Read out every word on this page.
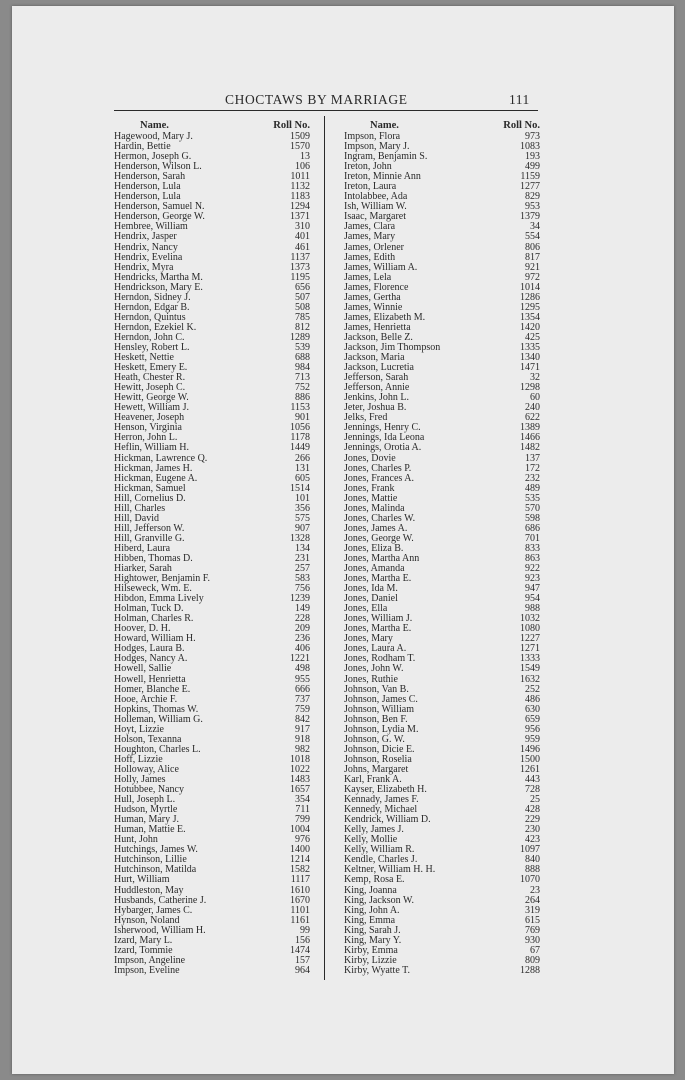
CHOCTAWS BY MARRIAGE	111
Name.	Roll No.
Hagewood, Mary J.	1509
Hardin, Bettie	1570
Hermon, Joseph G.	13
Henderson, Wilson L.	106
Henderson, Sarah	1011
Henderson, Lula	1132
Henderson, Lula	1183
Henderson, Samuel N.	1294
Henderson, George W.	1371
Hembree, William	310
Hendrix, Jasper	401
Hendrix, Nancy	461
Hendrix, Evelina	1137
Hendrix, Myra	1373
Hendricks, Martha M.	1195
Hendrickson, Mary E.	656
Herndon, Sidney J.	507
Herndon, Edgar B.	508
Herndon, Quintus	785
Herndon, Ezekiel K.	812
Herndon, John C.	1289
Hensley, Robert L.	539
Heskett, Nettie	688
Heskett, Emery E.	984
Heath, Chester R.	713
Hewitt, Joseph C.	752
Hewitt, George W.	886
Hewett, William J.	1153
Heavener, Joseph	901
Henson, Virginia	1056
Herron, John L.	1178
Heflin, William H.	1449
Hickman, Lawrence Q.	266
Hickman, James H.	131
Hickman, Eugene A.	605
Hickman, Samuel	1514
Hill, Cornelius D.	101
Hill, Charles	356
Hill, David	575
Hill, Jefferson W.	907
Hill, Granville G.	1328
Hiberd, Laura	134
Hibben, Thomas D.	231
Hiarker, Sarah	257
Hightower, Benjamin F.	583
Hilseweck, Wm. E.	756
Hibdon, Emma Lively	1239
Holman, Tuck D.	149
Holman, Charles R.	228
Hoover, D. H.	209
Howard, William H.	236
Hodges, Laura B.	406
Hodges, Nancy A.	1221
Howell, Sallie	498
Howell, Henrietta	955
Homer, Blanche E.	666
Hooe, Archie F.	737
Hopkins, Thomas W.	759
Holleman, William G.	842
Hoyt, Lizzie	917
Holson, Texanna	918
Houghton, Charles L.	982
Hoff, Lizzie	1018
Holloway, Alice	1022
Holly, James	1483
Hotubbee, Nancy	1657
Hull, Joseph L.	354
Hudson, Myrtle	711
Human, Mary J.	799
Human, Mattie E.	1004
Hunt, John	976
Hutchings, James W.	1400
Hutchinson, Lillie	1214
Hutchinson, Matilda	1582
Hurt, William	1117
Huddleston, May	1610
Husbands, Catherine J.	1670
Hybarger, James C.	1101
Hynson, Noland	1161
Isherwood, William H.	99
Izard, Mary L.	156
Izard, Tommie	1474
Impson, Angeline	157
Impson, Eveline	964
Name.	Roll No.
Impson, Flora	973
Impson, Mary J.	1083
Ingram, Benjamin S.	193
Ireton, John	499
Ireton, Minnie Ann	1159
Ireton, Laura	1277
Intolabbee, Ada	829
Ish, William W.	953
Isaac, Margaret	1379
James, Clara	34
James, Mary	554
James, Orlener	806
James, Edith	817
James, William A.	921
James, Lela	972
James, Florence	1014
James, Gertha	1286
James, Winnie	1295
James, Elizabeth M.	1354
James, Henrietta	1420
Jackson, Belle Z.	425
Jackson, Jim Thompson	1335
Jackson, Maria	1340
Jackson, Lucretia	1471
Jefferson, Sarah	32
Jefferson, Annie	1298
Jenkins, John L.	60
Jeter, Joshua B.	240
Jelks, Fred	622
Jennings, Henry C.	1389
Jennings, Ida Leona	1466
Jennings, Orotia A.	1482
Jones, Dovie	137
Jones, Charles P.	172
Jones, Frances A.	232
Jones, Frank	489
Jones, Mattie	535
Jones, Malinda	570
Jones, Charles W.	598
Jones, James A.	686
Jones, George W.	701
Jones, Eliza B.	833
Jones, Martha Ann	863
Jones, Amanda	922
Jones, Martha E.	923
Jones, Ida M.	947
Jones, Daniel	954
Jones, Ella	988
Jones, William J.	1032
Jones, Martha E.	1080
Jones, Mary	1227
Jones, Laura A.	1271
Jones, Rodham T.	1333
Jones, John W.	1549
Jones, Ruthie	1632
Johnson, Van B.	252
Johnson, James C.	486
Johnson, William	630
Johnson, Ben F.	659
Johnson, Lydia M.	956
Johnson, G. W.	959
Johnson, Dicie E.	1496
Johnson, Roselia	1500
Johns, Margaret	1261
Karl, Frank A.	443
Kayser, Elizabeth H.	728
Kennady, James F.	25
Kennedy, Michael	428
Kendrick, William D.	229
Kelly, James J.	230
Kelly, Mollie	423
Kelly, William R.	1097
Kendle, Charles J.	840
Keltner, William H. H.	888
Kemp, Rosa E.	1070
King, Joanna	23
King, Jackson W.	264
King, John A.	319
King, Emma	615
King, Sarah J.	769
King, Mary Y.	930
Kirby, Emma	67
Kirby, Lizzie	809
Kirby, Wyatte T.	1288
